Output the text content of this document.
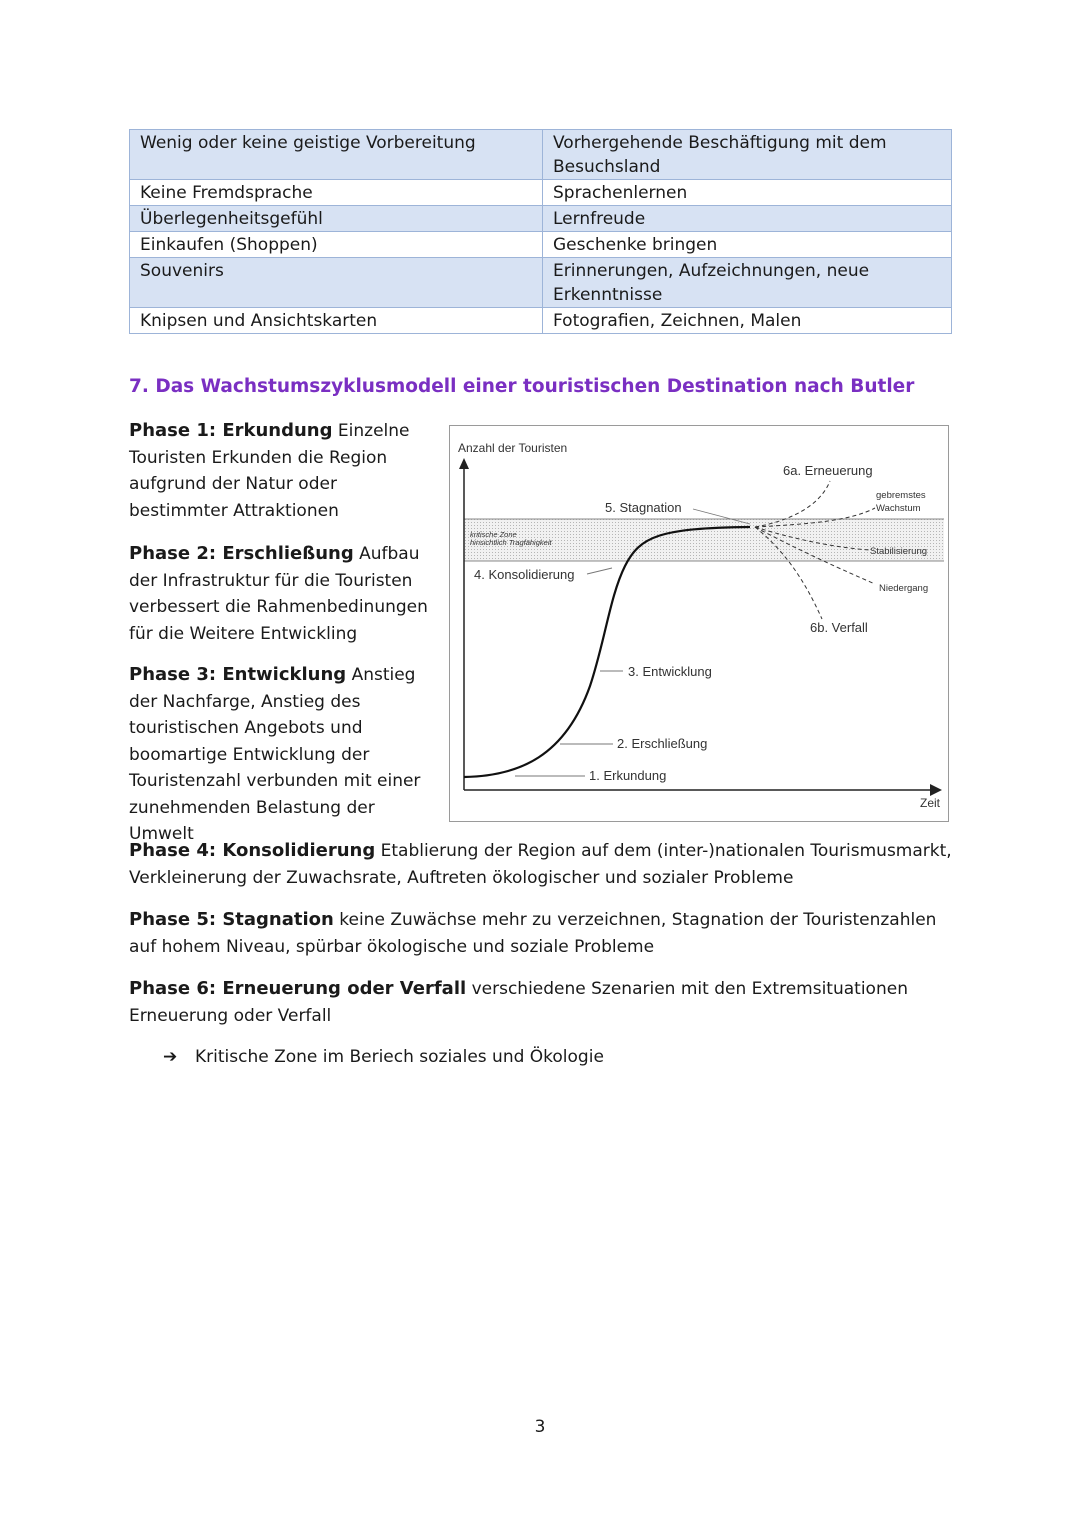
Wenig oder keine geistige Vorbereitung	Vorhergehende Beschäftigung mit dem Besuchsland
Keine Fremdsprache	Sprachenlernen
Überlegenheitsgefühl	Lernfreude
Einkaufen (Shoppen)	Geschenke bringen
Souvenirs	Erinnerungen, Aufzeichnungen, neue Erkenntnisse
Knipsen und Ansichtskarten	Fotografien, Zeichnen, Malen
7. Das Wachstumszyklusmodell einer touristischen Destination nach Butler

Phase 1: Erkundung Einzelne Touristen Erkunden die Region aufgrund der Natur oder bestimmter Attraktionen

Phase 2: Erschließung Aufbau der Infrastruktur für die Touristen verbessert die Rahmenbedinungen für die Weitere Entwickling

Phase 3: Entwicklung Anstieg der Nachfarge, Anstieg des touristischen Angebots und boomartige Entwicklung der Touristenzahl verbunden mit einer zunehmenden Belastung der Umwelt

kritische Zone
hinsichtlich Tragfähigkeit
Anzahl der Touristen
Zeit
1. Erkundung
2. Erschließung
3. Entwicklung
4. Konsolidierung
5. Stagnation
6a. Erneuerung
6b. Verfall
gebremstes
Wachstum
Stabilisierung
Niedergang

Phase 4: Konsolidierung Etablierung der Region auf dem (inter-)nationalen Tourismusmarkt, Verkleinerung der Zuwachsrate, Auftreten ökologischer und sozialer Probleme

Phase 5: Stagnation keine Zuwächse mehr zu verzeichnen, Stagnation der Touristenzahlen auf hohem Niveau, spürbar ökologische und soziale Probleme

Phase 6: Erneuerung oder Verfall verschiedene Szenarien mit den Extremsituationen Erneuerung oder Verfall

➔ Kritische Zone im Beriech soziales und Ökologie

3
